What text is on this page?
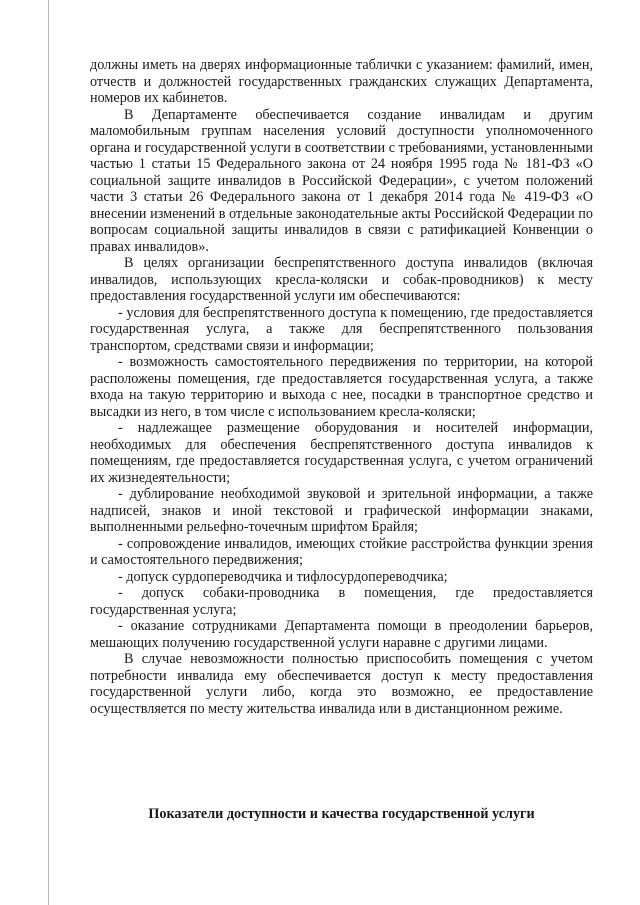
должны иметь на дверях информационные таблички с указанием: фамилий, имен, отчеств и должностей государственных гражданских служащих Департамента, номеров их кабинетов.

В Департаменте обеспечивается создание инвалидам и другим маломобильным группам населения условий доступности уполномоченного органа и государственной услуги в соответствии с требованиями, установленными частью 1 статьи 15 Федерального закона от 24 ноября 1995 года № 181-ФЗ «О социальной защите инвалидов в Российской Федерации», с учетом положений части 3 статьи 26 Федерального закона от 1 декабря 2014 года № 419-ФЗ «О внесении изменений в отдельные законодательные акты Российской Федерации по вопросам социальной защиты инвалидов в связи с ратификацией Конвенции о правах инвалидов».

В целях организации беспрепятственного доступа инвалидов (включая инвалидов, использующих кресла-коляски и собак-проводников) к месту предоставления государственной услуги им обеспечиваются:

- условия для беспрепятственного доступа к помещению, где предоставляется государственная услуга, а также для беспрепятственного пользования транспортом, средствами связи и информации;

- возможность самостоятельного передвижения по территории, на которой расположены помещения, где предоставляется государственная услуга, а также входа на такую территорию и выхода с нее, посадки в транспортное средство и высадки из него, в том числе с использованием кресла-коляски;

- надлежащее размещение оборудования и носителей информации, необходимых для обеспечения беспрепятственного доступа инвалидов к помещениям, где предоставляется государственная услуга, с учетом ограничений их жизнедеятельности;

- дублирование необходимой звуковой и зрительной информации, а также надписей, знаков и иной текстовой и графической информации знаками, выполненными рельефно-точечным шрифтом Брайля;

- сопровождение инвалидов, имеющих стойкие расстройства функции зрения и самостоятельного передвижения;

- допуск сурдопереводчика и тифлосурдопереводчика;

- допуск собаки-проводника в помещения, где предоставляется государственная услуга;

- оказание сотрудниками Департамента помощи в преодолении барьеров, мешающих получению государственной услуги наравне с другими лицами.

В случае невозможности полностью приспособить помещения с учетом потребности инвалида ему обеспечивается доступ к месту предоставления государственной услуги либо, когда это возможно, ее предоставление осуществляется по месту жительства инвалида или в дистанционном режиме.

Показатели доступности и качества государственной услуги
